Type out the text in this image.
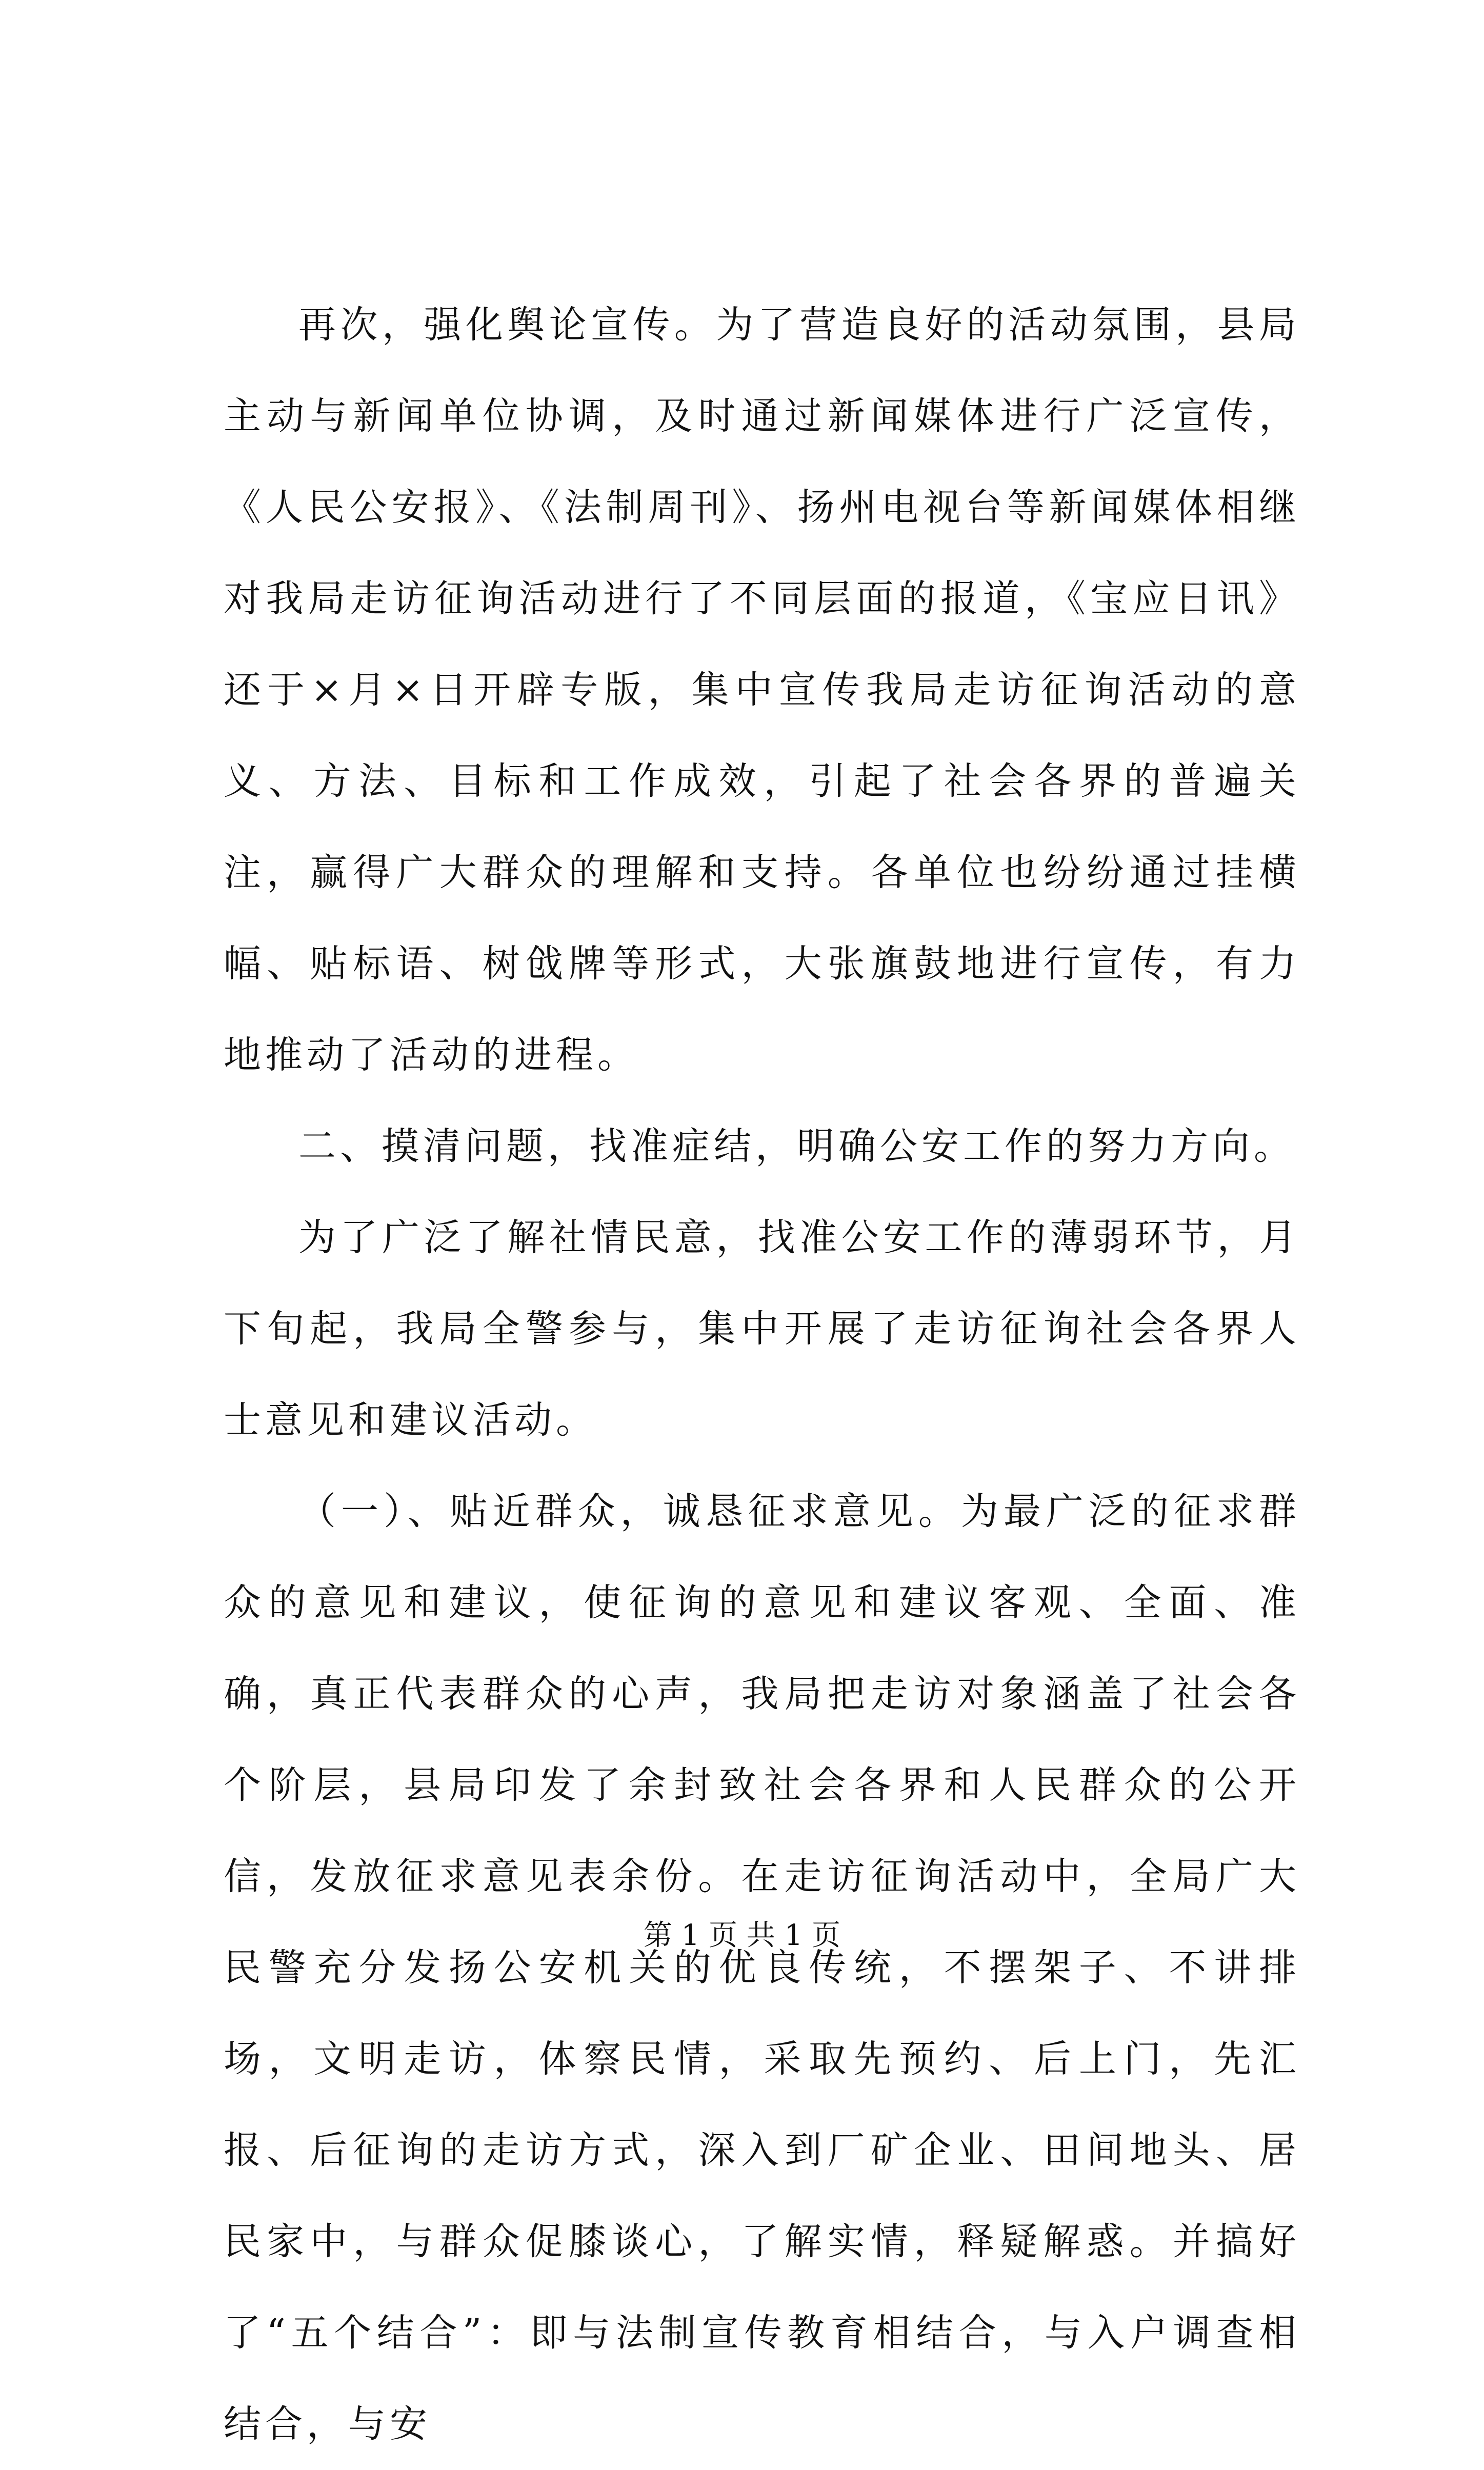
再次，强化舆论宣传。为了营造良好的活动氛围，县局主动与新闻单位协调，及时通过新闻媒体进行广泛宣传，《人民公安报》、《法制周刊》、扬州电视台等新闻媒体相继对我局走访征询活动进行了不同层面的报道，《宝应日讯》还于×月×日开辟专版，集中宣传我局走访征询活动的意义、方法、目标和工作成效，引起了社会各界的普遍关注，赢得广大群众的理解和支持。各单位也纷纷通过挂横幅、贴标语、树戗牌等形式，大张旗鼓地进行宣传，有力地推动了活动的进程。

二、摸清问题，找准症结，明确公安工作的努力方向。

为了广泛了解社情民意，找准公安工作的薄弱环节，月下旬起，我局全警参与，集中开展了走访征询社会各界人士意见和建议活动。

（一）、贴近群众，诚恳征求意见。为最广泛的征求群众的意见和建议，使征询的意见和建议客观、全面、准确，真正代表群众的心声，我局把走访对象涵盖了社会各个阶层，县局印发了余封致社会各界和人民群众的公开信，发放征求意见表余份。在走访征询活动中，全局广大民警充分发扬公安机关的优良传统，不摆架子、不讲排场，文明走访，体察民情，采取先预约、后上门，先汇报、后征询的走访方式，深入到厂矿企业、田间地头、居民家中，与群众促膝谈心，了解实情，释疑解惑。并搞好了“五个结合”：即与法制宣传教育相结合，与入户调查相结合，与安

第 1 页 共 1 页
